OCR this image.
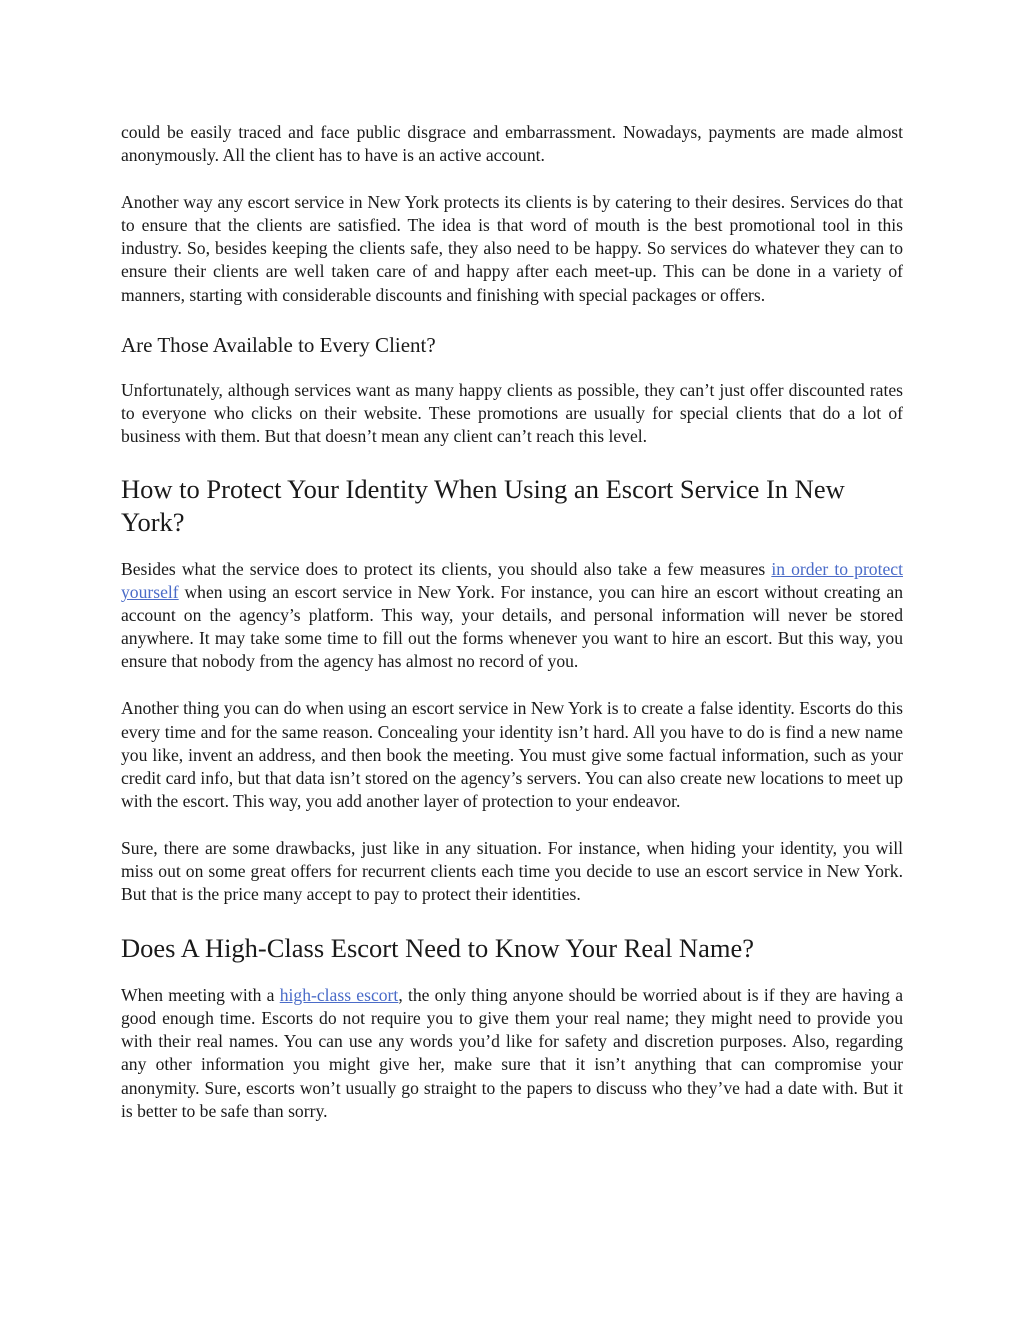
could be easily traced and face public disgrace and embarrassment. Nowadays, payments are made almost anonymously. All the client has to have is an active account.

Another way any escort service in New York protects its clients is by catering to their desires. Services do that to ensure that the clients are satisfied. The idea is that word of mouth is the best promotional tool in this industry. So, besides keeping the clients safe, they also need to be happy. So services do whatever they can to ensure their clients are well taken care of and happy after each meet-up. This can be done in a variety of manners, starting with considerable discounts and finishing with special packages or offers.

Are Those Available to Every Client?

Unfortunately, although services want as many happy clients as possible, they can’t just offer discounted rates to everyone who clicks on their website. These promotions are usually for special clients that do a lot of business with them. But that doesn’t mean any client can’t reach this level.

How to Protect Your Identity When Using an Escort Service In New York?

Besides what the service does to protect its clients, you should also take a few measures in order to protect yourself when using an escort service in New York. For instance, you can hire an escort without creating an account on the agency’s platform. This way, your details, and personal information will never be stored anywhere. It may take some time to fill out the forms whenever you want to hire an escort. But this way, you ensure that nobody from the agency has almost no record of you.

Another thing you can do when using an escort service in New York is to create a false identity. Escorts do this every time and for the same reason. Concealing your identity isn’t hard. All you have to do is find a new name you like, invent an address, and then book the meeting. You must give some factual information, such as your credit card info, but that data isn’t stored on the agency’s servers. You can also create new locations to meet up with the escort. This way, you add another layer of protection to your endeavor.

Sure, there are some drawbacks, just like in any situation. For instance, when hiding your identity, you will miss out on some great offers for recurrent clients each time you decide to use an escort service in New York. But that is the price many accept to pay to protect their identities.

Does A High-Class Escort Need to Know Your Real Name?

When meeting with a high-class escort, the only thing anyone should be worried about is if they are having a good enough time. Escorts do not require you to give them your real name; they might need to provide you with their real names. You can use any words you’d like for safety and discretion purposes. Also, regarding any other information you might give her, make sure that it isn’t anything that can compromise your anonymity. Sure, escorts won’t usually go straight to the papers to discuss who they’ve had a date with. But it is better to be safe than sorry.
